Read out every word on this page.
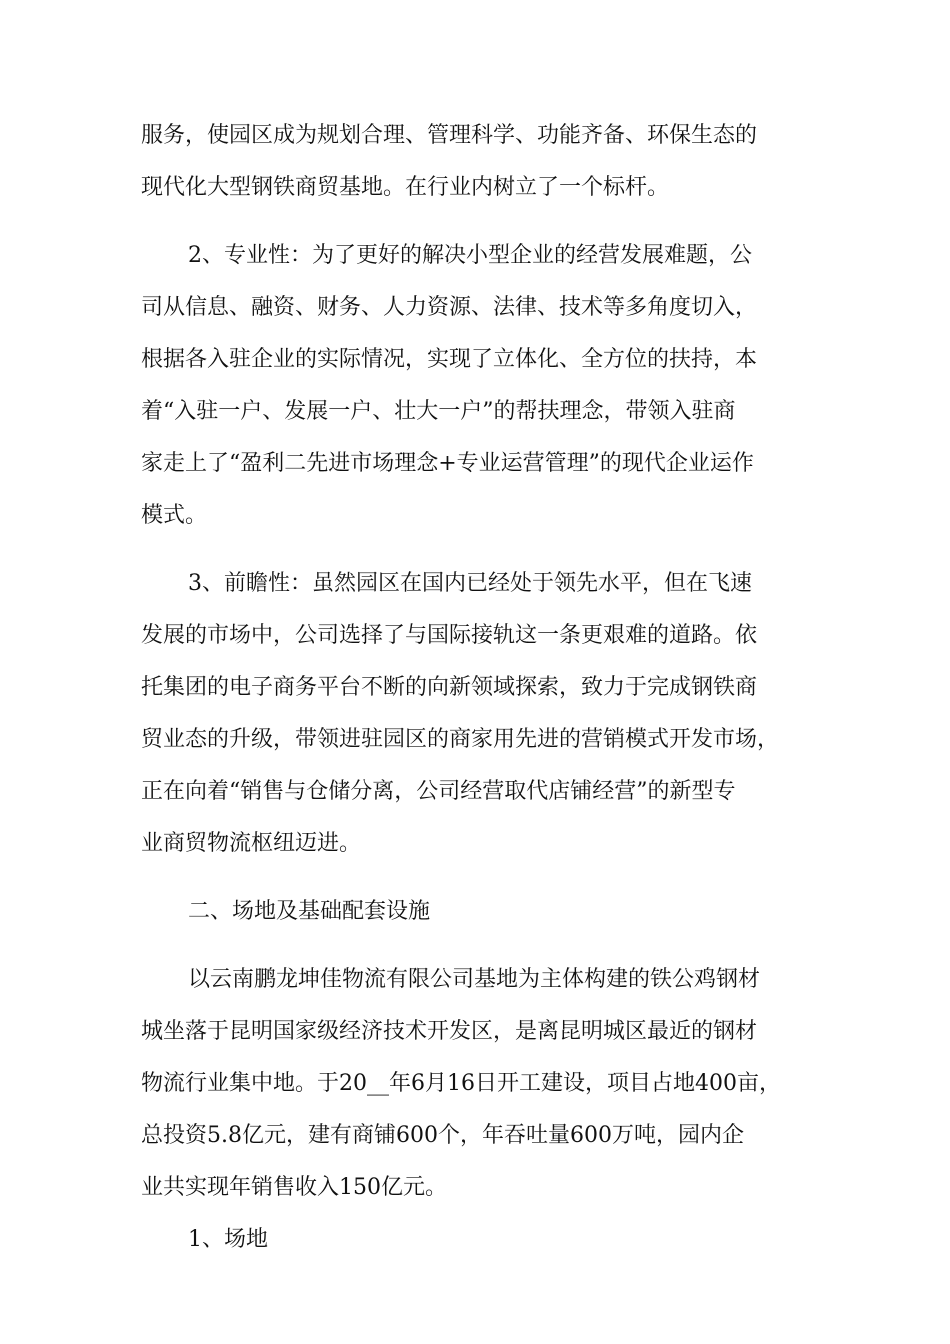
服务，使园区成为规划合理、管理科学、功能齐备、环保生态的
现代化大型钢铁商贸基地。在行业内树立了一个标杆。
2、专业性：为了更好的解决小型企业的经营发展难题，公
司从信息、融资、财务、人力资源、法律、技术等多角度切入，
根据各入驻企业的实际情况，实现了立体化、全方位的扶持，本
着“入驻一户、发展一户、壮大一户”的帮扶理念，带领入驻商
家走上了“盈利二先进市场理念+专业运营管理”的现代企业运作
模式。
3、前瞻性：虽然园区在国内已经处于领先水平，但在飞速
发展的市场中，公司选择了与国际接轨这一条更艰难的道路。依
托集团的电子商务平台不断的向新领域探索，致力于完成钢铁商
贸业态的升级，带领进驻园区的商家用先进的营销模式开发市场，
正在向着“销售与仓储分离，公司经营取代店铺经营”的新型专
业商贸物流枢纽迈进。
二、场地及基础配套设施
以云南鹏龙坤佳物流有限公司基地为主体构建的铁公鸡钢材
城坐落于昆明国家级经济技术开发区，是离昆明城区最近的钢材
物流行业集中地。于20__年6月16日开工建设，项目占地400亩，
总投资5.8亿元，建有商铺600个，年吞吐量600万吨，园内企
业共实现年销售收入150亿元。
1、场地
